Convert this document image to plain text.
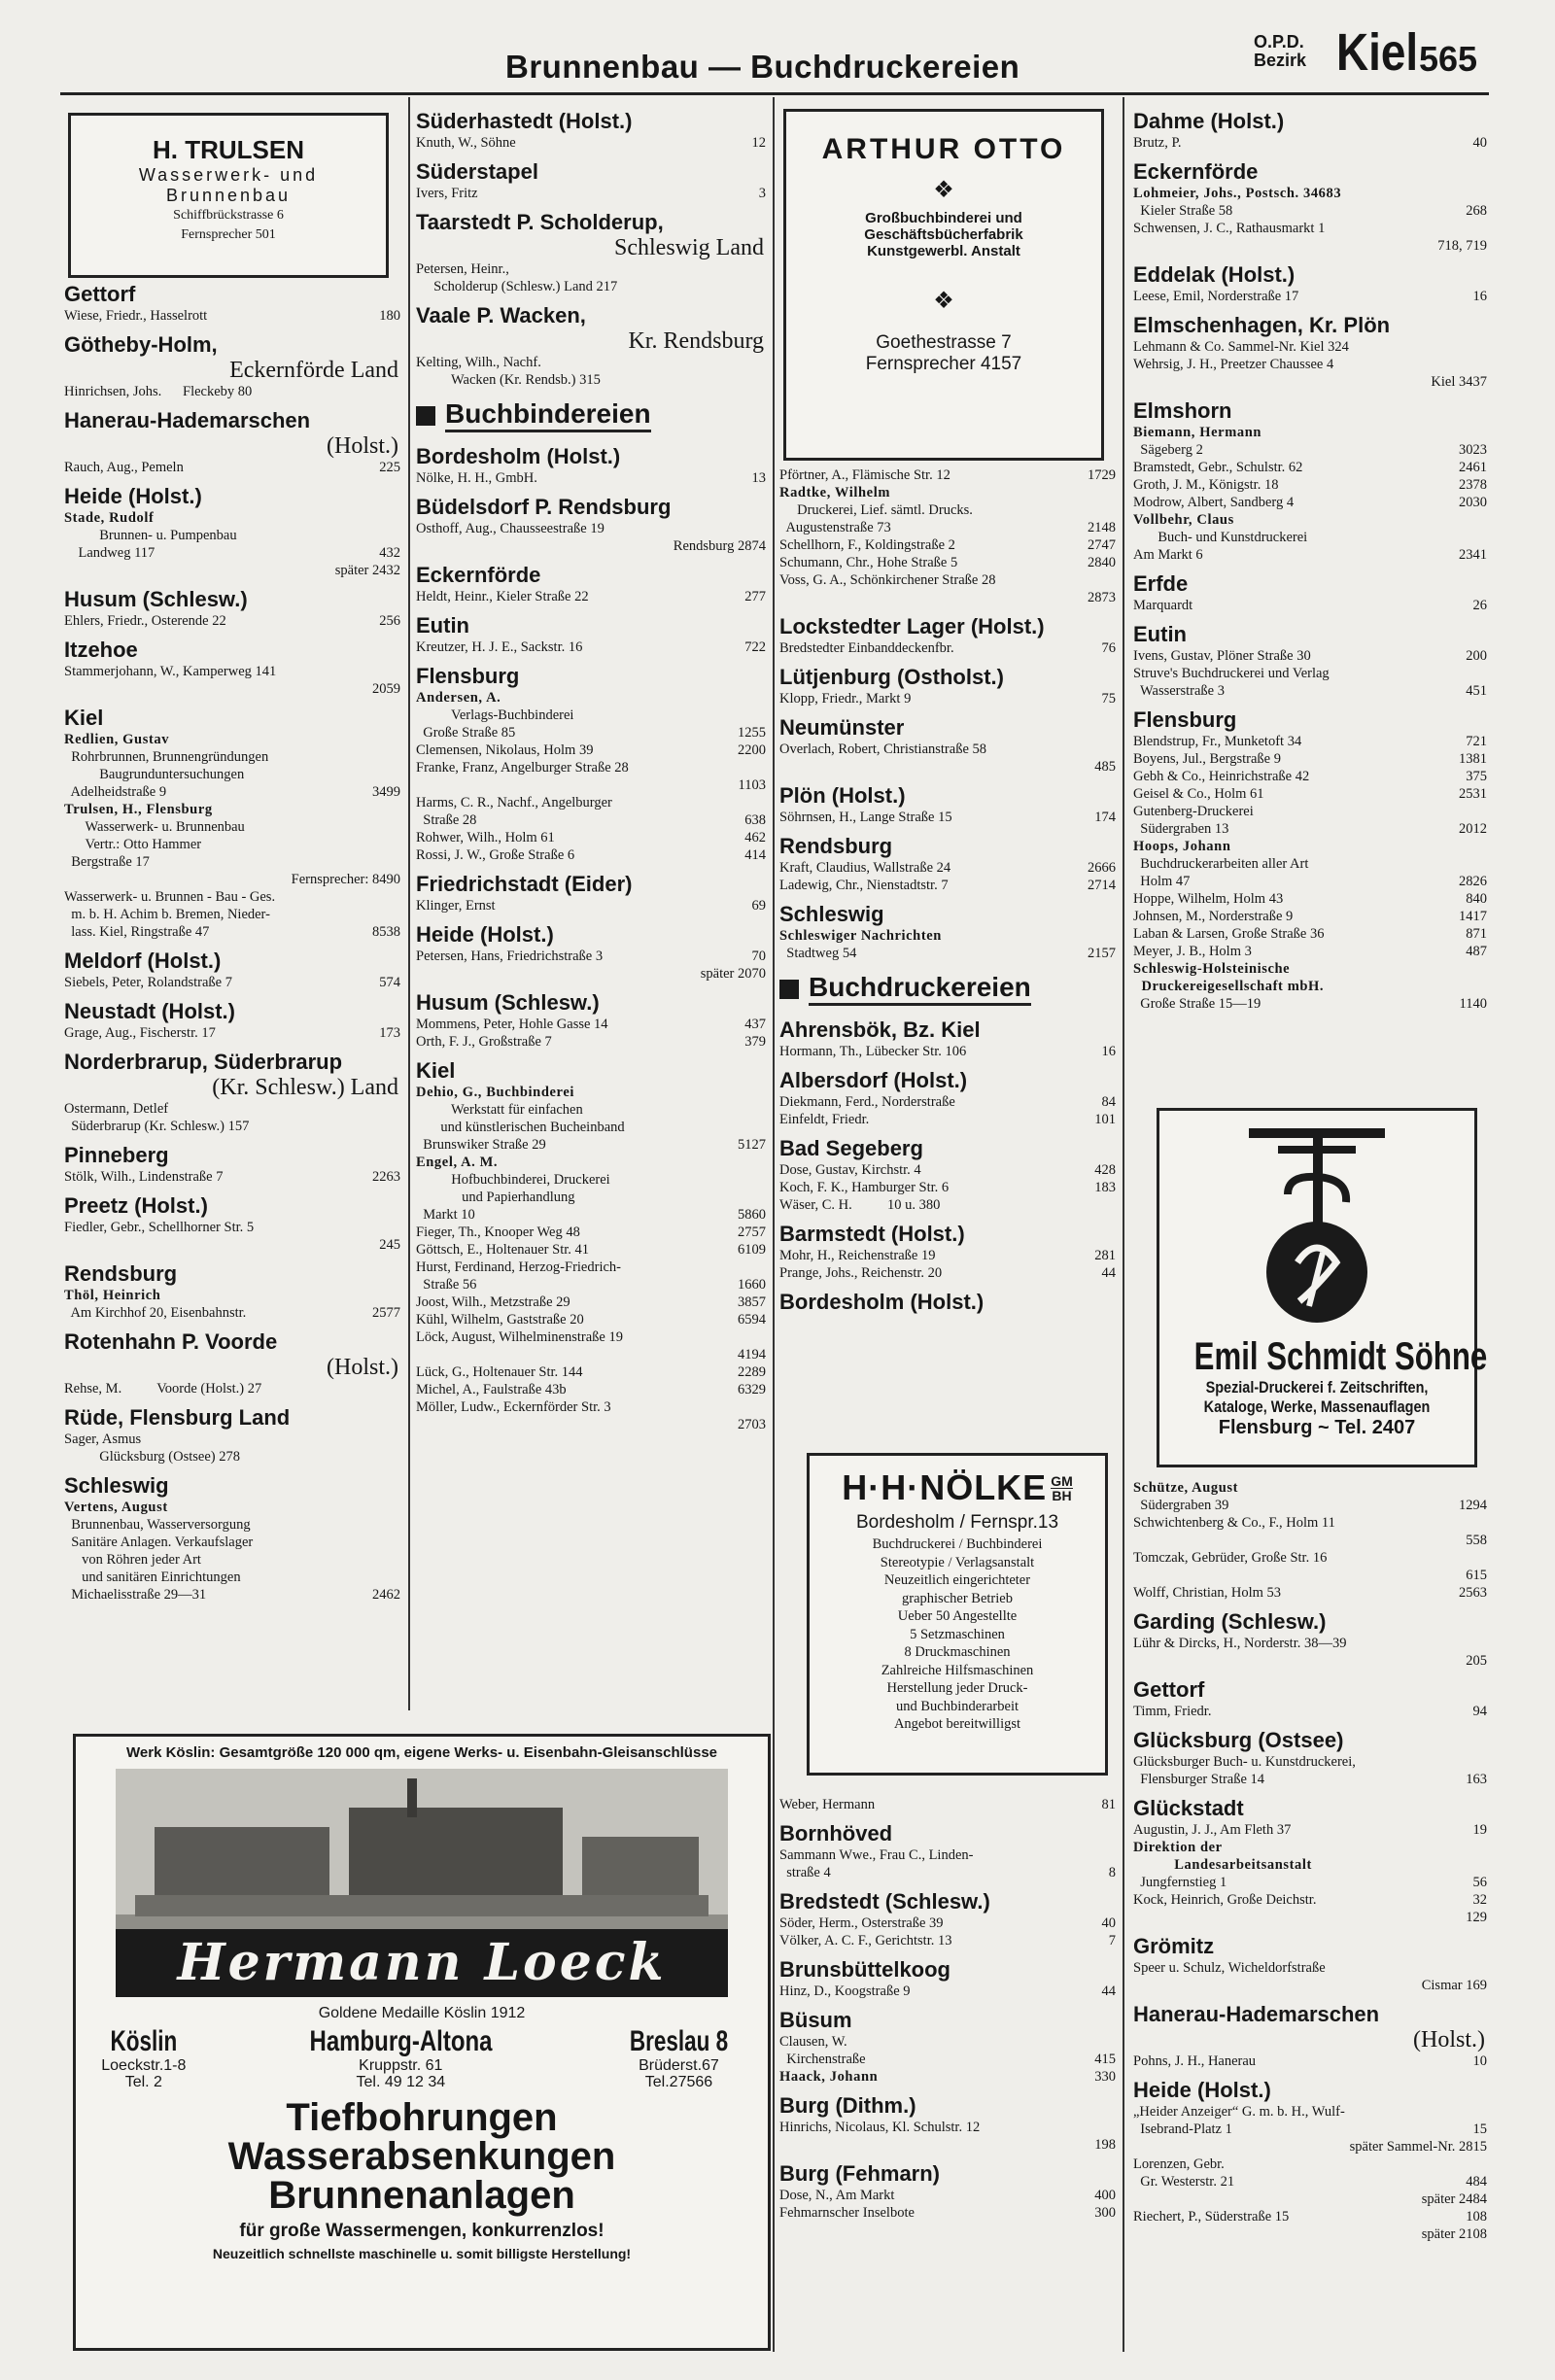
Brunnenbau — Buchdruckereien
O.P.D.
Bezirk Kiel 565
Gettorf
Wiese, Friedr., Hasselrott	180
Götheby-Holm,
Eckernförde Land
Hinrichsen, Johs.      Fleckeby 80
Hanerau-Hademarschen
(Holst.)
Rauch, Aug., Pemeln	225
Heide (Holst.)
Stade, Rudolf
Brunnen- u. Pumpenbau
Landweg 117	432
später 2432
Husum (Schlesw.)
Ehlers, Friedr., Osterende 22	256
Itzehoe
Stammerjohann, W., Kamperweg 141
2059
Kiel
Redlien, Gustav
Rohrbrunnen, Brunnengründungen
Baugrunduntersuchungen
Adelheidstraße 9	3499
Trulsen, H., Flensburg
Wasserwerk- u. Brunnenbau
Vertr.: Otto Hammer
Bergstraße 17
Fernsprecher: 8490
Wasserwerk- u. Brunnen - Bau - Ges.
m. b. H. Achim b. Bremen, Nieder-
lass. Kiel, Ringstraße 47	8538
Meldorf (Holst.)
Siebels, Peter, Rolandstraße 7	574
Neustadt (Holst.)
Grage, Aug., Fischerstr. 17	173
Norderbrarup, Süderbrarup
(Kr. Schlesw.) Land
Ostermann, Detlef
Süderbrarup (Kr. Schlesw.) 157
Pinneberg
Stölk, Wilh., Lindenstraße 7	2263
Preetz (Holst.)
Fiedler, Gebr., Schellhorner Str. 5
245
Rendsburg
Thöl, Heinrich
Am Kirchhof 20, Eisenbahnstr.	2577
Rotenhahn P. Voorde
(Holst.)
Rehse, M.          Voorde (Holst.) 27
Rüde, Flensburg Land
Sager, Asmus
Glücksburg (Ostsee) 278
Schleswig
Vertens, August
Brunnenbau, Wasserversorgung
Sanitäre Anlagen. Verkaufslager
von Röhren jeder Art
und sanitären Einrichtungen
Michaelisstraße 29—31	2462
Süderhastedt (Holst.)
Knuth, W., Söhne	12
Süderstapel
Ivers, Fritz	3
Taarstedt P. Scholderup,
Schleswig Land
Petersen, Heinr.,
Scholderup (Schlesw.) Land 217
Vaale P. Wacken,
Kr. Rendsburg
Kelting, Wilh., Nachf.
Wacken (Kr. Rendsb.) 315
Buchbindereien
Bordesholm (Holst.)
Nölke, H. H., GmbH.	13
Büdelsdorf P. Rendsburg
Osthoff, Aug., Chausseestraße 19
Rendsburg 2874
Eckernförde
Heldt, Heinr., Kieler Straße 22	277
Eutin
Kreutzer, H. J. E., Sackstr. 16	722
Flensburg
Andersen, A.
Verlags-Buchbinderei
Große Straße 85	1255
Clemensen, Nikolaus, Holm 39	2200
Franke, Franz, Angelburger Straße 28
1103
Harms, C. R., Nachf., Angelburger
Straße 28	638
Rohwer, Wilh., Holm 61	462
Rossi, J. W., Große Straße 6	414
Friedrichstadt (Eider)
Klinger, Ernst	69
Heide (Holst.)
Petersen, Hans, Friedrichstraße 3	70
später 2070
Husum (Schlesw.)
Mommens, Peter, Hohle Gasse 14	437
Orth, F. J., Großstraße 7	379
Kiel
Dehio, G., Buchbinderei
Werkstatt für einfachen
und künstlerischen Bucheinband
Brunswiker Straße 29	5127
Engel, A. M.
Hofbuchbinderei, Druckerei
und Papierhandlung
Markt 10	5860
Fieger, Th., Knooper Weg 48	2757
Göttsch, E., Holtenauer Str. 41	6109
Hurst, Ferdinand, Herzog-Friedrich-
Straße 56	1660
Joost, Wilh., Metzstraße 29	3857
Kühl, Wilhelm, Gaststraße 20	6594
Löck, August, Wilhelminenstraße 19
4194
Lück, G., Holtenauer Str. 144	2289
Michel, A., Faulstraße 43b	6329
Möller, Ludw., Eckernförder Str. 3
2703
Pförtner, A., Flämische Str. 12	1729
Radtke, Wilhelm
Druckerei, Lief. sämtl. Drucks.
Augustenstraße 73	2148
Schellhorn, F., Koldingstraße 2	2747
Schumann, Chr., Hohe Straße 5	2840
Voss, G. A., Schönkirchener Straße 28
2873
Lockstedter Lager (Holst.)
Bredstedter Einbanddeckenfbr.	76
Lütjenburg (Ostholst.)
Klopp, Friedr., Markt 9	75
Neumünster
Overlach, Robert, Christianstraße 58
485
Plön (Holst.)
Söhrnsen, H., Lange Straße 15	174
Rendsburg
Kraft, Claudius, Wallstraße 24	2666
Ladewig, Chr., Nienstadtstr. 7	2714
Schleswig
Schleswiger Nachrichten
Stadtweg 54	2157
Buchdruckereien
Ahrensbök, Bz. Kiel
Hormann, Th., Lübecker Str. 106	16
Albersdorf (Holst.)
Diekmann, Ferd., Norderstraße	84
Einfeldt, Friedr.	101
Bad Segeberg
Dose, Gustav, Kirchstr. 4	428
Koch, F. K., Hamburger Str. 6	183
Wäser, C. H.          10 u. 380
Barmstedt (Holst.)
Mohr, H., Reichenstraße 19	281
Prange, Johs., Reichenstr. 20	44
Bordesholm (Holst.)
Weber, Hermann	81
Bornhöved
Sammann Wwe., Frau C., Linden-
straße 4	8
Bredstedt (Schlesw.)
Söder, Herm., Osterstraße 39	40
Völker, A. C. F., Gerichtstr. 13	7
Brunsbüttelkoog
Hinz, D., Koogstraße 9	44
Büsum
Clausen, W.
Kirchenstraße	415
Haack, Johann	330
Burg (Dithm.)
Hinrichs, Nicolaus, Kl. Schulstr. 12
198
Burg (Fehmarn)
Dose, N., Am Markt	400
Fehmarnscher Inselbote	300
Dahme (Holst.)
Brutz, P.	40
Eckernförde
Lohmeier, Johs., Postsch. 34683
Kieler Straße 58	268
Schwensen, J. C., Rathausmarkt 1
718, 719
Eddelak (Holst.)
Leese, Emil, Norderstraße 17	16
Elmschenhagen, Kr. Plön
Lehmann & Co. Sammel-Nr. Kiel 324
Wehrsig, J. H., Preetzer Chaussee 4
Kiel 3437
Elmshorn
Biemann, Hermann
Sägeberg 2	3023
Bramstedt, Gebr., Schulstr. 62	2461
Groth, J. M., Königstr. 18	2378
Modrow, Albert, Sandberg 4	2030
Vollbehr, Claus
Buch- und Kunstdruckerei
Am Markt 6	2341
Erfde
Marquardt	26
Eutin
Ivens, Gustav, Plöner Straße 30	200
Struve's Buchdruckerei und Verlag
Wasserstraße 3	451
Flensburg
Blendstrup, Fr., Munketoft 34	721
Boyens, Jul., Bergstraße 9	1381
Gebh & Co., Heinrichstraße 42	375
Geisel & Co., Holm 61	2531
Gutenberg-Druckerei
Südergraben 13	2012
Hoops, Johann
Buchdruckerarbeiten aller Art
Holm 47	2826
Hoppe, Wilhelm, Holm 43	840
Johnsen, M., Norderstraße 9	1417
Laban & Larsen, Große Straße 36	871
Meyer, J. B., Holm 3	487
Schleswig-Holsteinische
Druckereigesellschaft mbH.
Große Straße 15—19	1140
Schütze, August
Südergraben 39	1294
Schwichtenberg & Co., F., Holm 11
558
Tomczak, Gebrüder, Große Str. 16
615
Wolff, Christian, Holm 53	2563
Garding (Schlesw.)
Lühr & Dircks, H., Norderstr. 38—39
205
Gettorf
Timm, Friedr.	94
Glücksburg (Ostsee)
Glücksburger Buch- u. Kunstdruckerei,
Flensburger Straße 14	163
Glückstadt
Augustin, J. J., Am Fleth 37	19
Direktion der
Landesarbeitsanstalt
Jungfernstieg 1	56
Kock, Heinrich, Große Deichstr.	32
129
Grömitz
Speer u. Schulz, Wicheldorfstraße
Cismar 169
Hanerau-Hademarschen
(Holst.)
Pohns, J. H., Hanerau	10
Heide (Holst.)
„Heider Anzeiger“ G. m. b. H., Wulf-
Isebrand-Platz 1	15
später Sammel-Nr. 2815
Lorenzen, Gebr.
Gr. Westerstr. 21	484
später 2484
Riechert, P., Süderstraße 15	108
später 2108
H. TRULSEN
Wasserwerk- und
Brunnenbau
Schiffbrückstrasse 6
Fernsprecher 501
ARTHUR OTTO
❖
Großbuchbinderei und
Geschäftsbücherfabrik
Kunstgewerbl. Anstalt
❖
Goethestrasse 7
Fernsprecher 4157
H·H·NÖLKE GM
BH
Bordesholm / Fernspr.13
Buchdruckerei / Buchbinderei
Stereotypie / Verlagsanstalt
Neuzeitlich eingerichteter
graphischer Betrieb
Ueber 50 Angestellte
5 Setzmaschinen
8 Druckmaschinen
Zahlreiche Hilfsmaschinen
Herstellung jeder Druck-
und Buchbinderarbeit
Angebot bereitwilligst
Emil Schmidt Söhne
Spezial-Druckerei f. Zeitschriften,
Kataloge, Werke, Massenauflagen
Flensburg ~ Tel. 2407
Werk Köslin: Gesamtgröße 120 000 qm, eigene Werks- u. Eisenbahn-Gleisanschlüsse
Hermann Loeck
Goldene Medaille Köslin 1912
Köslin
Loeckstr.1-8
Tel. 2
Hamburg-Altona
Kruppstr. 61
Tel. 49 12 34
Breslau 8
Brüderst.67
Tel.27566
Tiefbohrungen
Wasserabsenkungen
Brunnenanlagen
für große Wassermengen, konkurrenzlos!
Neuzeitlich schnellste maschinelle u. somit billigste Herstellung!
